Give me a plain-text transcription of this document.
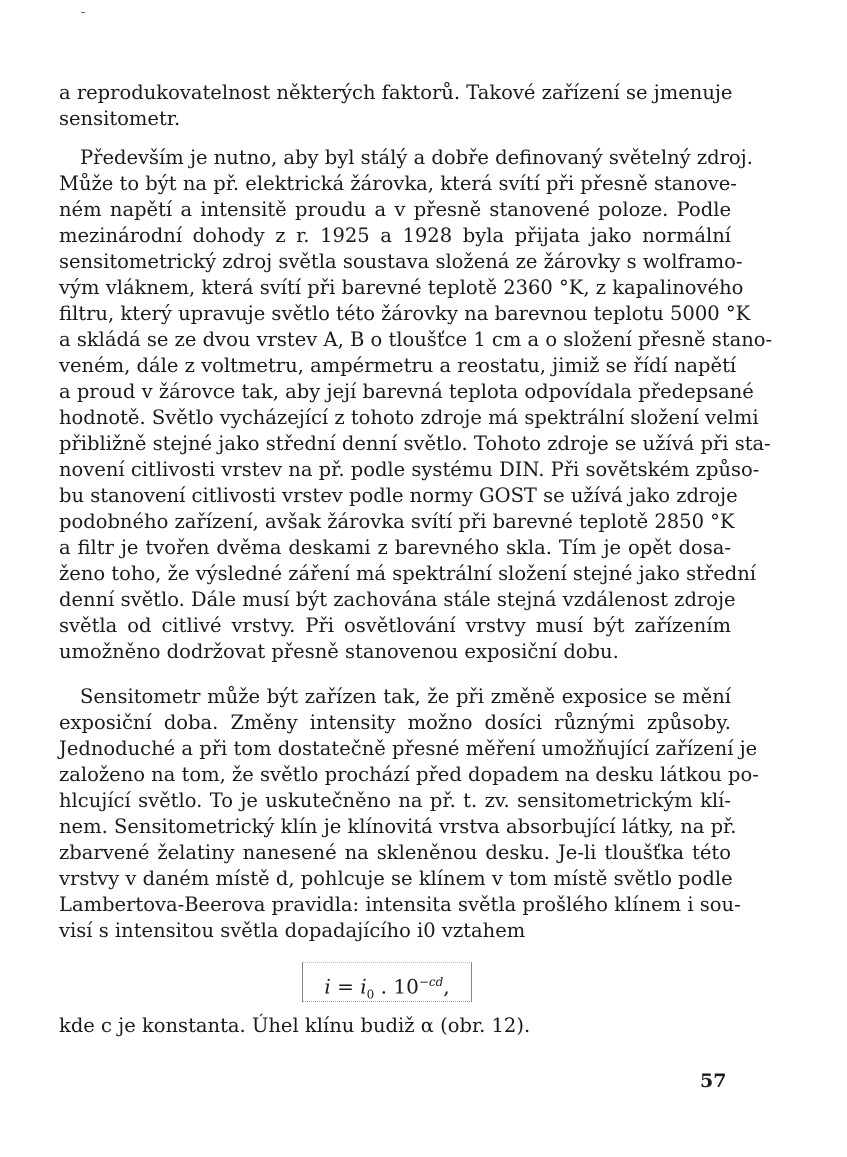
a reprodukovatelnost některých faktorů. Takové zařízení se jmenuje
sensitometr.
Především je nutno, aby byl stálý a dobře definovaný světelný zdroj.
Může to být na př. elektrická žárovka, která svítí při přesně stanove-
ném napětí a intensitě proudu a v přesně stanovené poloze. Podle
mezinárodní dohody z r. 1925 a 1928 byla přijata jako normální
sensitometrický zdroj světla soustava složená ze žárovky s wolframo-
vým vláknem, která svítí při barevné teplotě 2360 °K, z kapalinového
filtru, který upravuje světlo této žárovky na barevnou teplotu 5000 °K
a skládá se ze dvou vrstev A, B o tloušťce 1 cm a o složení přesně stano-
veném, dále z voltmetru, ampérmetru a reostatu, jimiž se řídí napětí
a proud v žárovce tak, aby její barevná teplota odpovídala předepsané
hodnotě. Světlo vycházející z tohoto zdroje má spektrální složení velmi
přibližně stejné jako střední denní světlo. Tohoto zdroje se užívá při sta-
novení citlivosti vrstev na př. podle systému DIN. Při sovětském způso-
bu stanovení citlivosti vrstev podle normy GOST se užívá jako zdroje
podobného zařízení, avšak žárovka svítí při barevné teplotě 2850 °K
a filtr je tvořen dvěma deskami z barevného skla. Tím je opět dosa-
ženo toho, že výsledné záření má spektrální složení stejné jako střední
denní světlo. Dále musí být zachována stále stejná vzdálenost zdroje
světla od citlivé vrstvy. Při osvětlování vrstvy musí být zařízením
umožněno dodržovat přesně stanovenou exposiční dobu.
Sensitometr může být zařízen tak, že při změně exposice se mění
exposiční doba. Změny intensity možno dosíci různými způsoby.
Jednoduché a při tom dostatečně přesné měření umožňující zařízení je
založeno na tom, že světlo prochází před dopadem na desku látkou po-
hlcující světlo. To je uskutečněno na př. t. zv. sensitometrickým klí-
nem. Sensitometrický klín je klínovitá vrstva absorbující látky, na př.
zbarvené želatiny nanesené na skleněnou desku. Je-li tloušťka této
vrstvy v daném místě d, pohlcuje se klínem v tom místě světlo podle
Lambertova-Beerova pravidla: intensita světla prošlého klínem i sou-
visí s intensitou světla dopadajícího i0 vztahem
$i = i_0$ . $10^{-cd}$,
kde c je konstanta. Úhel klínu budiž α (obr. 12).
57
